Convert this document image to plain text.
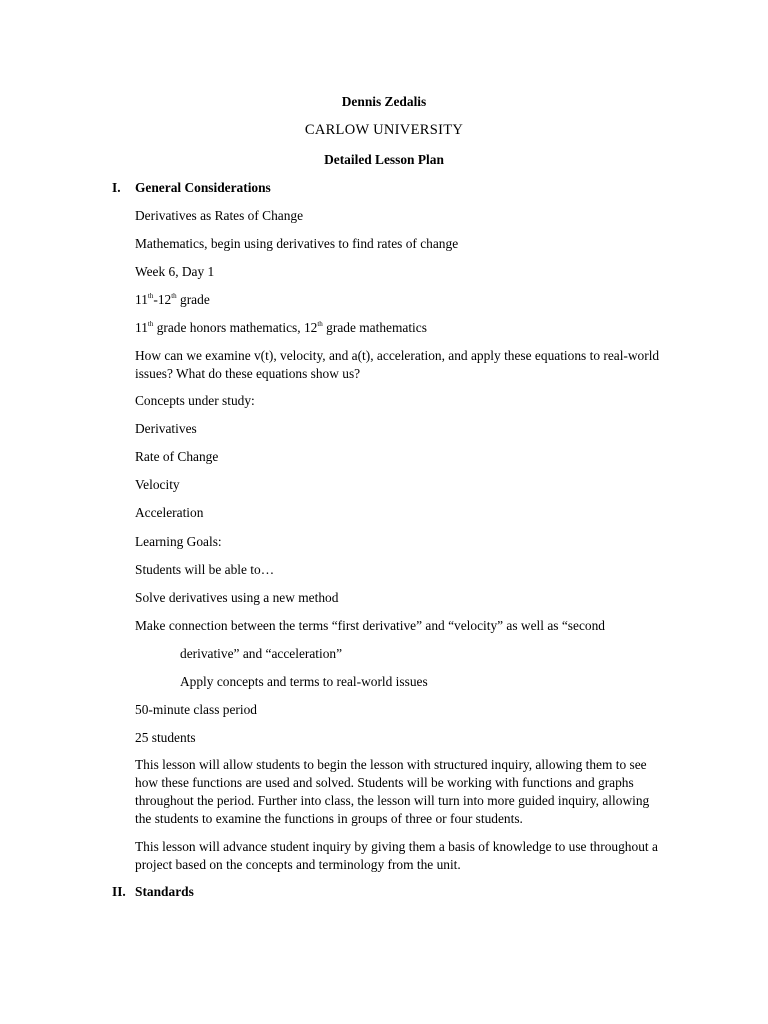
Dennis Zedalis
CARLOW UNIVERSITY
Detailed Lesson Plan
I. General Considerations
Derivatives as Rates of Change
Mathematics, begin using derivatives to find rates of change
Week 6, Day 1
11th-12th grade
11th grade honors mathematics, 12th grade mathematics
How can we examine v(t), velocity, and a(t), acceleration, and apply these equations to real-world
issues? What do these equations show us?
Concepts under study:
Derivatives
Rate of Change
Velocity
Acceleration
Learning Goals:
Students will be able to…
Solve derivatives using a new method
Make connection between the terms “first derivative” and “velocity” as well as “second
derivative” and “acceleration”
Apply concepts and terms to real-world issues
50-minute class period
25 students
This lesson will allow students to begin the lesson with structured inquiry, allowing them to see
how these functions are used and solved. Students will be working with functions and graphs
throughout the period. Further into class, the lesson will turn into more guided inquiry, allowing
the students to examine the functions in groups of three or four students.
This lesson will advance student inquiry by giving them a basis of knowledge to use throughout a
project based on the concepts and terminology from the unit.
II. Standards
